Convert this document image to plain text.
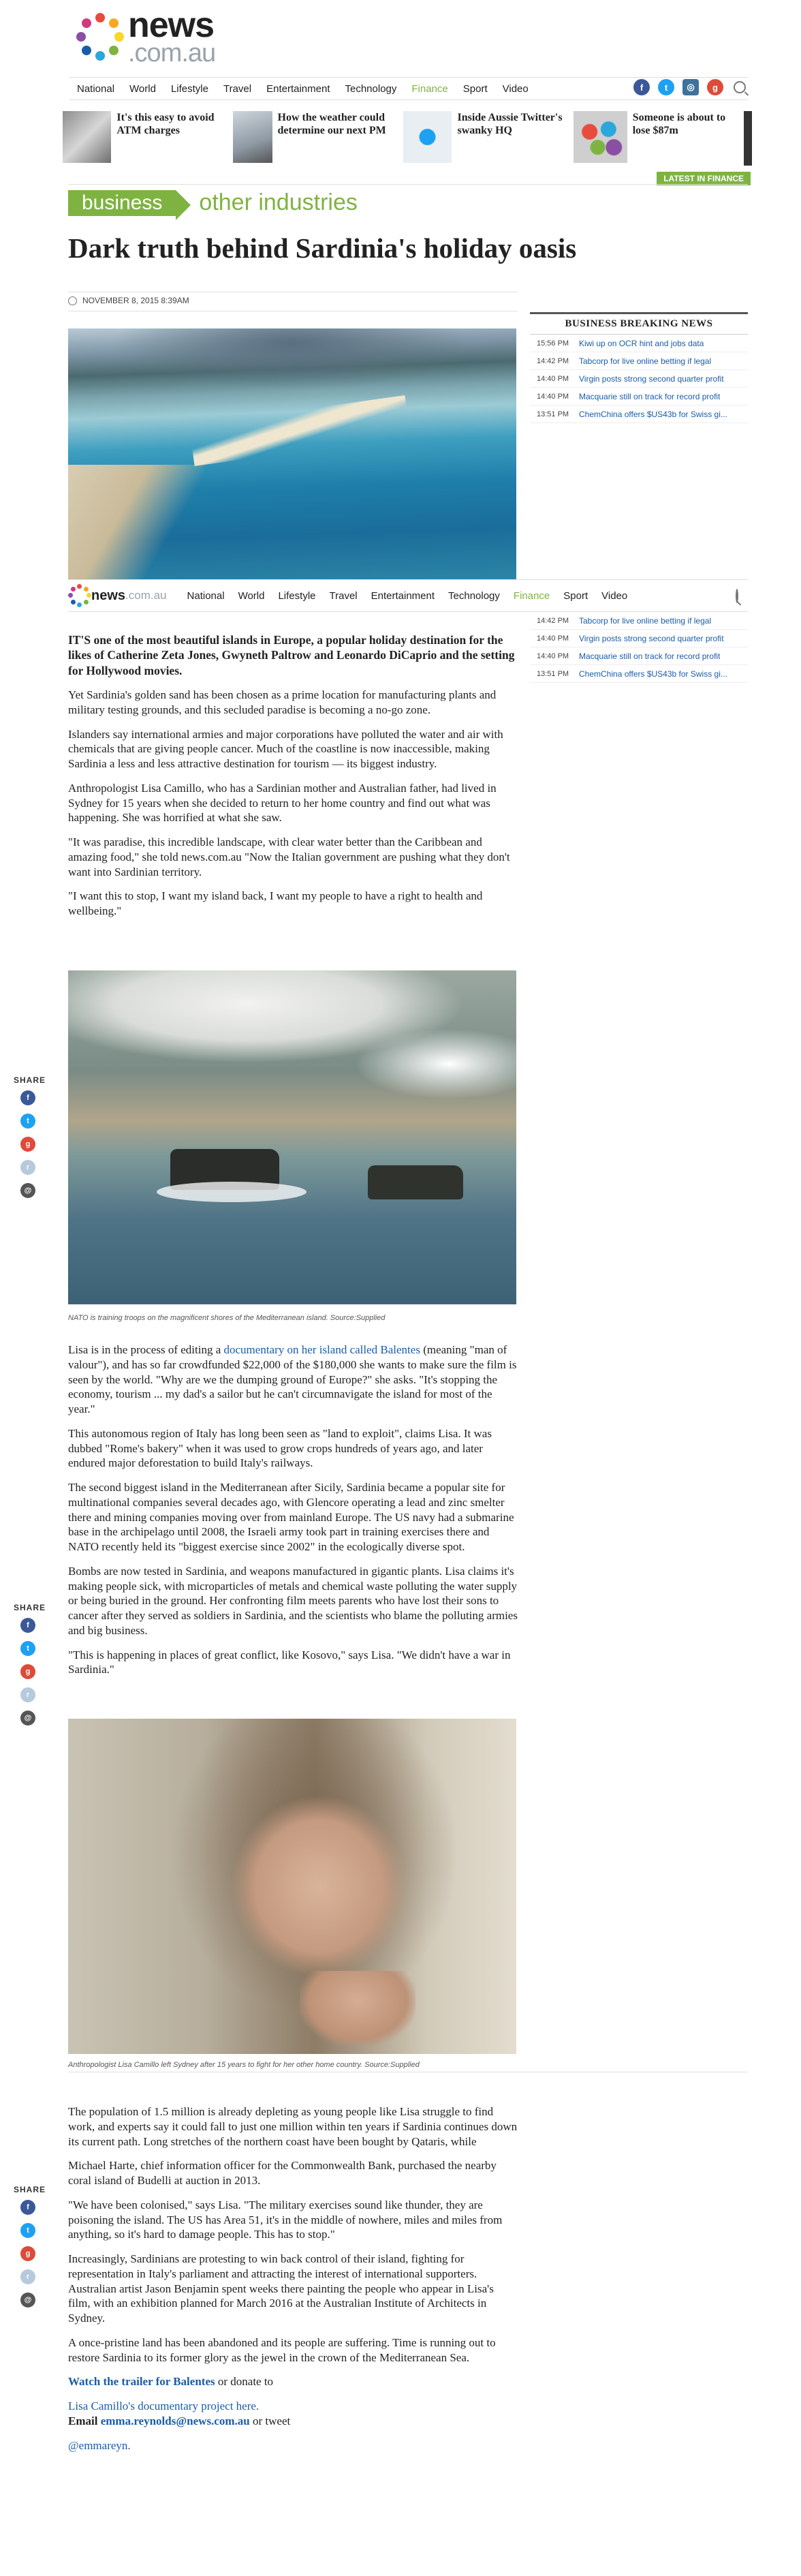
news
.com.au
National	World	Lifestyle	Travel	Entertainment	Technology	Finance	Sport	Video	f	t	◎	g
It's this easy to avoid ATM charges
How the weather could determine our next PM
Inside Aussie Twitter's swanky HQ
Someone is about to lose $87m
LATEST IN FINANCE
business	other industries
Dark truth behind Sardinia's holiday oasis
NOVEMBER 8, 2015 8:39AM
BUSINESS BREAKING NEWS
15:56 PM	Kiwi up on OCR hint and jobs data
14:42 PM	Tabcorp for live online betting if legal
14:40 PM	Virgin posts strong second quarter profit
14:40 PM	Macquarie still on track for record profit
13:51 PM	ChemChina offers $US43b for Swiss gi...
news .com.au	National	World	Lifestyle	Travel	Entertainment	Technology	Finance	Sport	Video
14:42 PM	Tabcorp for live online betting if legal
14:40 PM	Virgin posts strong second quarter profit
14:40 PM	Macquarie still on track for record profit
13:51 PM	ChemChina offers $US43b for Swiss gi...

IT'S one of the most beautiful islands in Europe, a popular holiday destination for the likes of Catherine Zeta Jones, Gwyneth Paltrow and Leonardo DiCaprio and the setting for Hollywood movies.

Yet Sardinia's golden sand has been chosen as a prime location for manufacturing plants and military testing grounds, and this secluded paradise is becoming a no-go zone.

Islanders say international armies and major corporations have polluted the water and air with chemicals that are giving people cancer. Much of the coastline is now inaccessible, making Sardinia a less and less attractive destination for tourism — its biggest industry.

Anthropologist Lisa Camillo, who has a Sardinian mother and Australian father, had lived in Sydney for 15 years when she decided to return to her home country and find out what was happening. She was horrified at what she saw.

"It was paradise, this incredible landscape, with clear water better than the Caribbean and amazing food," she told news.com.au "Now the Italian government are pushing what they don't want into Sardinian territory.

"I want this to stop, I want my island back, I want my people to have a right to health and wellbeing."

NATO is training troops on the magnificent shores of the Mediterranean island. Source:Supplied
SHARE
f
t
g
r
@

Lisa is in the process of editing a documentary on her island called Balentes (meaning "man of valour"), and has so far crowdfunded $22,000 of the $180,000 she wants to make sure the film is seen by the world. "Why are we the dumping ground of Europe?" she asks. "It's stopping the economy, tourism ... my dad's a sailor but he can't circumnavigate the island for most of the year."

This autonomous region of Italy has long been seen as "land to exploit", claims Lisa. It was dubbed "Rome's bakery" when it was used to grow crops hundreds of years ago, and later endured major deforestation to build Italy's railways.

The second biggest island in the Mediterranean after Sicily, Sardinia became a popular site for multinational companies several decades ago, with Glencore operating a lead and zinc smelter there and mining companies moving over from mainland Europe. The US navy had a submarine base in the archipelago until 2008, the Israeli army took part in training exercises there and NATO recently held its "biggest exercise since 2002" in the ecologically diverse spot.

Bombs are now tested in Sardinia, and weapons manufactured in gigantic plants. Lisa claims it's making people sick, with microparticles of metals and chemical waste polluting the water supply or being buried in the ground. Her confronting film meets parents who have lost their sons to cancer after they served as soldiers in Sardinia, and the scientists who blame the polluting armies and big business.

"This is happening in places of great conflict, like Kosovo," says Lisa. "We didn't have a war in Sardinia."

SHARE
f
t
g
r
@
Anthropologist Lisa Camillo left Sydney after 15 years to fight for her other home country. Source:Supplied
SHARE
f
t
g
r
@

The population of 1.5 million is already depleting as young people like Lisa struggle to find work, and experts say it could fall to just one million within ten years if Sardinia continues down its current path. Long stretches of the northern coast have been bought by Qataris, while

Michael Harte, chief information officer for the Commonwealth Bank, purchased the nearby coral island of Budelli at auction in 2013.

"We have been colonised," says Lisa. "The military exercises sound like thunder, they are poisoning the island. The US has Area 51, it's in the middle of nowhere, miles and miles from anything, so it's hard to damage people. This has to stop."

Increasingly, Sardinians are protesting to win back control of their island, fighting for representation in Italy's parliament and attracting the interest of international supporters. Australian artist Jason Benjamin spent weeks there painting the people who appear in Lisa's film, with an exhibition planned for March 2016 at the Australian Institute of Architects in Sydney.

A once-pristine land has been abandoned and its people are suffering. Time is running out to restore Sardinia to its former glory as the jewel in the crown of the Mediterranean Sea.

Watch the trailer for Balentes or donate to

Lisa Camillo's documentary project here.

Email emma.reynolds@news.com.au or tweet

@emmareyn.
